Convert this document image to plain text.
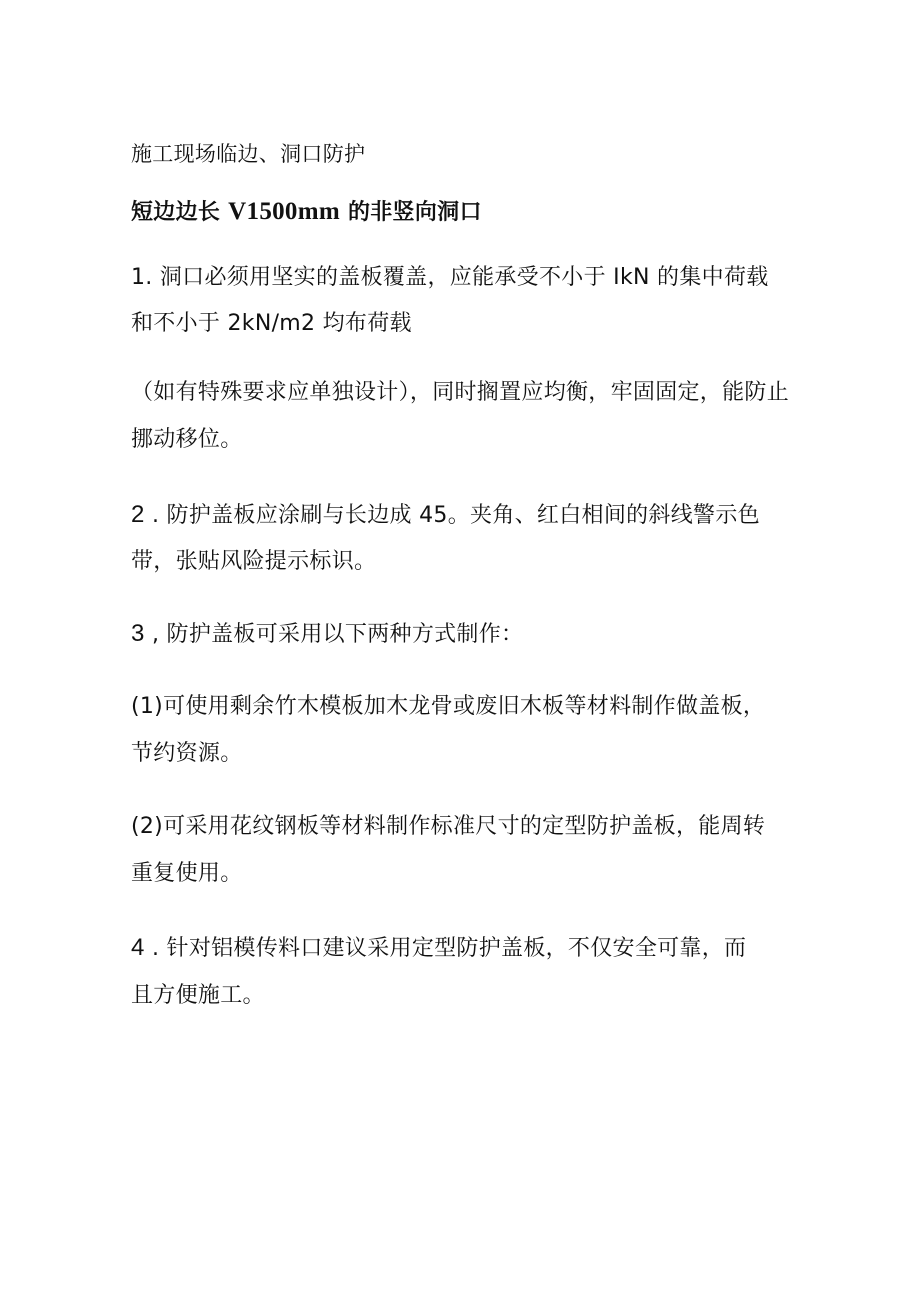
施工现场临边、洞口防护
短边边长 V1500mm 的非竖向洞口
1. 洞口必须用坚实的盖板覆盖，应能承受不小于 IkN 的集中荷载
和不小于 2kN/m2 均布荷载
（如有特殊要求应单独设计），同时搁置应均衡，牢固固定，能防止
挪动移位。
2 . 防护盖板应涂刷与长边成 45。夹角、红白相间的斜线警示色
带，张贴风险提示标识。
3 , 防护盖板可采用以下两种方式制作：
(1)可使用剩余竹木模板加木龙骨或废旧木板等材料制作做盖板，
节约资源。
(2)可采用花纹钢板等材料制作标准尺寸的定型防护盖板，能周转
重复使用。
4 . 针对铝模传料口建议采用定型防护盖板，不仅安全可靠，而
且方便施工。
